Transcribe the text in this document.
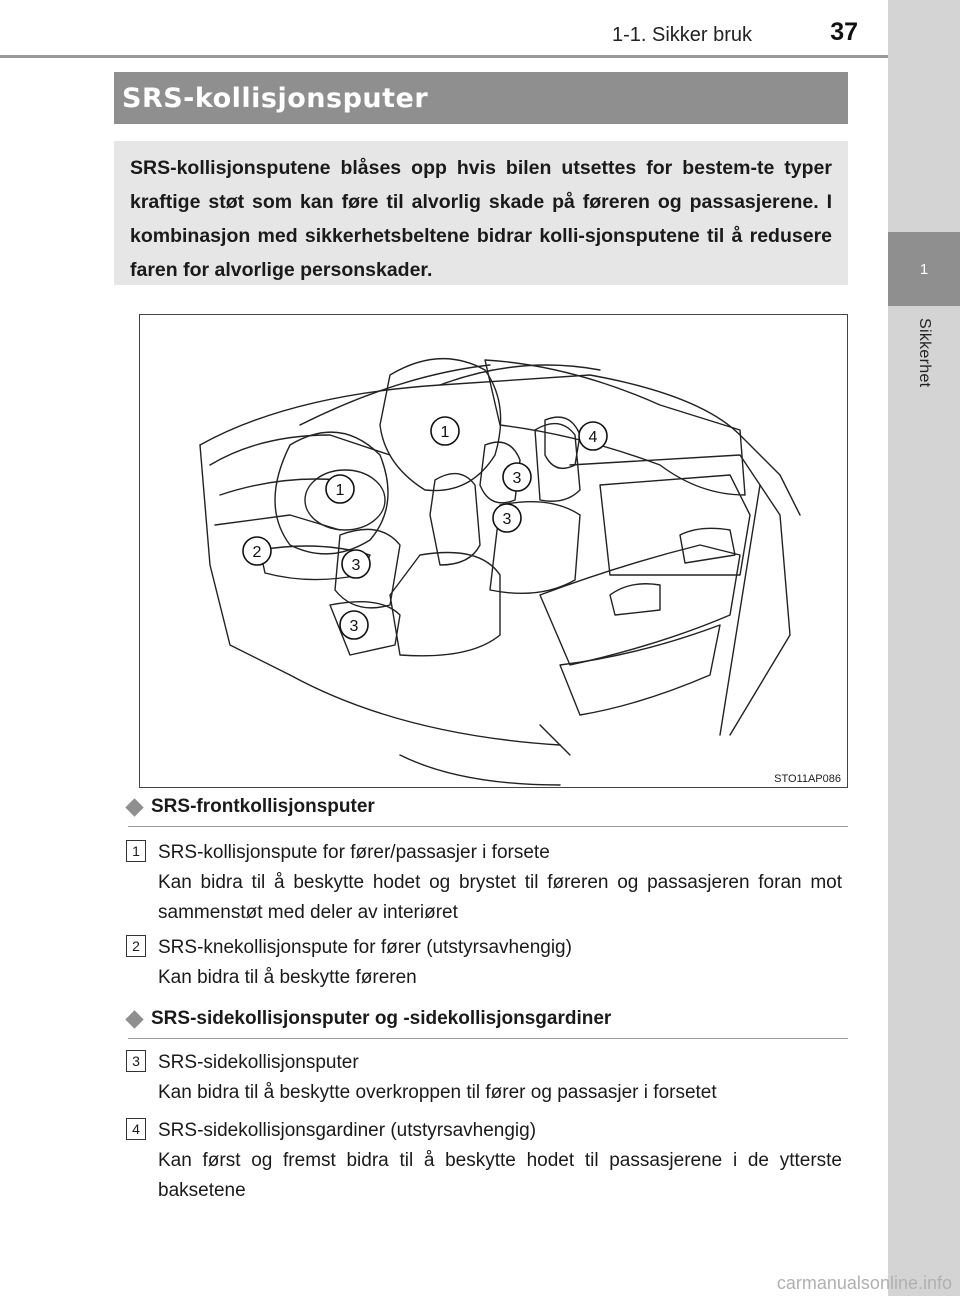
1
Sikkerhet
1-1. Sikker bruk	37
SRS-kollisjonsputer
SRS-kollisjonsputene blåses opp hvis bilen utsettes for bestem-te typer kraftige støt som kan føre til alvorlig skade på føreren og passasjerene. I kombinasjon med sikkerhetsbeltene bidrar kolli-sjonsputene til å redusere faren for alvorlige personskader.
1
1
2
3
3
3
3
4
STO11AP086
SRS-frontkollisjonsputer
1 SRS-kollisjonspute for fører/passasjer i forsete
Kan bidra til å beskytte hodet og brystet til føreren og passasjeren foran mot sammenstøt med deler av interiøret
2 SRS-knekollisjonspute for fører (utstyrsavhengig)
Kan bidra til å beskytte føreren
SRS-sidekollisjonsputer og -sidekollisjonsgardiner
3 SRS-sidekollisjonsputer
Kan bidra til å beskytte overkroppen til fører og passasjer i forsetet
4 SRS-sidekollisjonsgardiner (utstyrsavhengig)
Kan først og fremst bidra til å beskytte hodet til passasjerene i de ytterste baksetene
carmanualsonline.info
